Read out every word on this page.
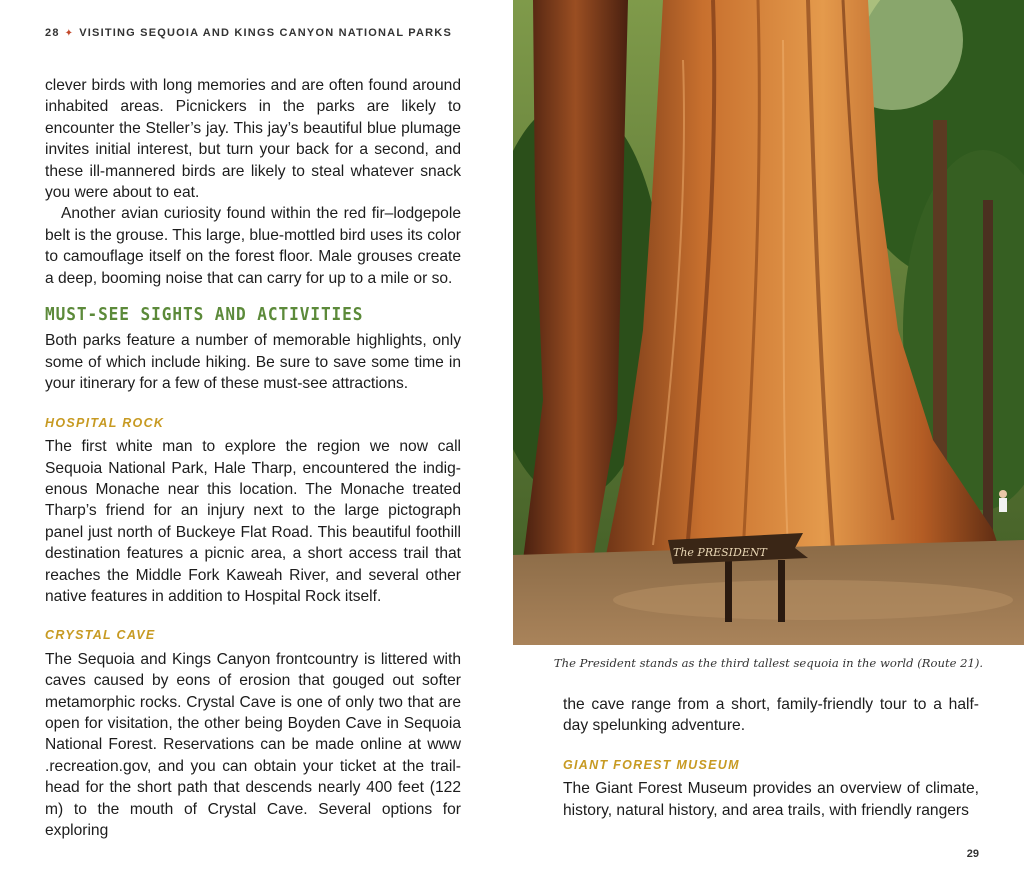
28 ✦ VISITING SEQUOIA AND KINGS CANYON NATIONAL PARKS

clever birds with long memories and are often found around inhabited areas. Picnickers in the parks are likely to encounter the Steller’s jay. This jay’s beautiful blue plumage invites initial interest, but turn your back for a second, and these ill-mannered birds are likely to steal whatever snack you were about to eat.

Another avian curiosity found within the red fir–lodgepole belt is the grouse. This large, blue-mottled bird uses its color to camouflage itself on the forest floor. Male grouses create a deep, booming noise that can carry for up to a mile or so.

MUST-SEE SIGHTS AND ACTIVITIES

Both parks feature a number of memorable highlights, only some of which include hiking. Be sure to save some time in your itinerary for a few of these must-see attractions.

HOSPITAL ROCK

The first white man to explore the region we now call Sequoia National Park, Hale Tharp, encountered the indigenous Monache near this location. The Monache treated Tharp’s friend for an injury next to the large pictograph panel just north of Buckeye Flat Road. This beautiful foothill destination features a picnic area, a short access trail that reaches the Middle Fork Kaweah River, and several other native features in addition to Hospital Rock itself.

CRYSTAL CAVE

The Sequoia and Kings Canyon frontcountry is littered with caves caused by eons of erosion that gouged out softer metamorphic rocks. Crystal Cave is one of only two that are open for visitation, the other being Boyden Cave in Sequoia National Forest. Reservations can be made online at www .recreation.gov, and you can obtain your ticket at the trailhead for the short path that descends nearly 400 feet (122 m) to the mouth of Crystal Cave. Several options for exploring

The PRESIDENT
The President stands as the third tallest sequoia in the world (Route 21).

the cave range from a short, family-friendly tour to a half-day spelunking adventure.

GIANT FOREST MUSEUM

The Giant Forest Museum provides an overview of climate, history, natural history, and area trails, with friendly rangers

29
